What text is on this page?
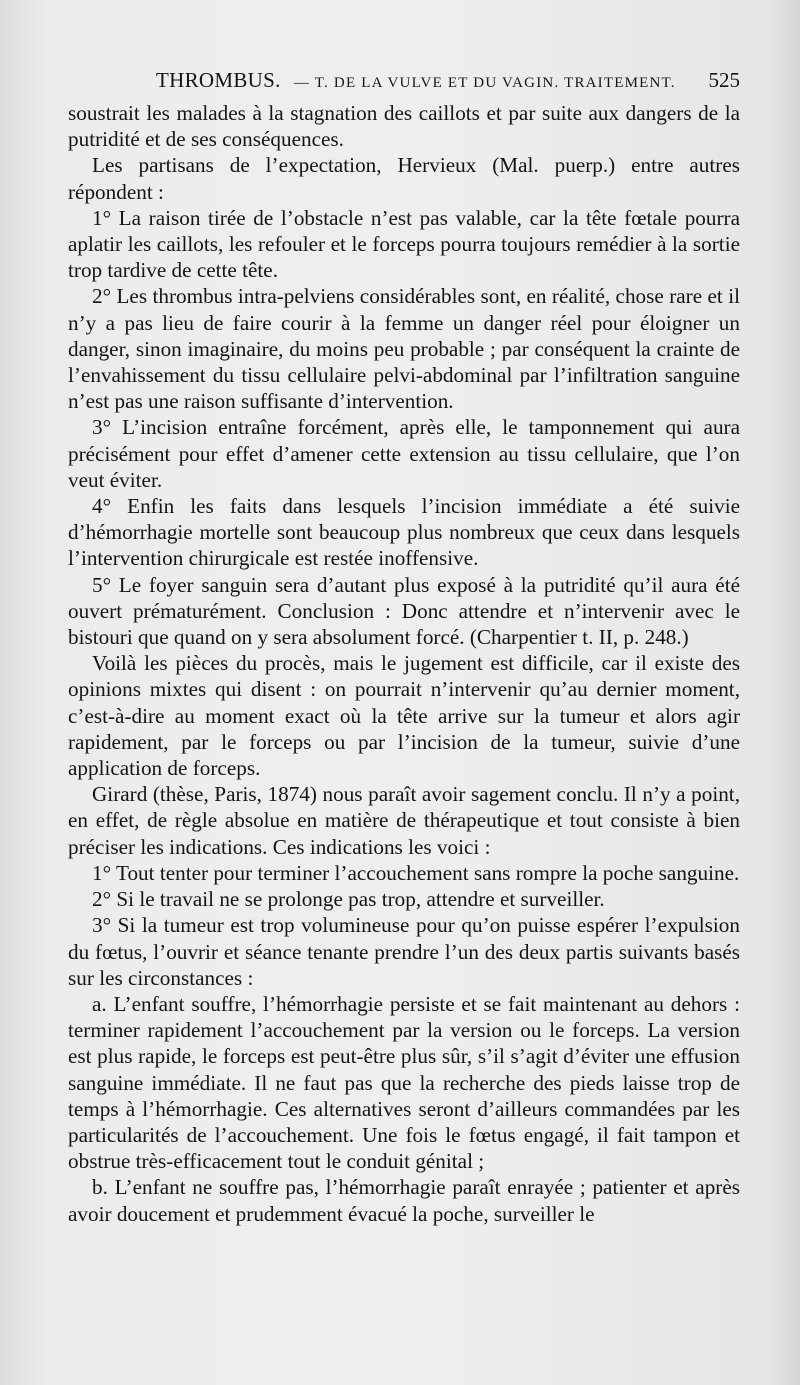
THROMBUS. — T. DE LA VULVE ET DU VAGIN. TRAITEMENT. 525

soustrait les malades à la stagnation des caillots et par suite aux dangers de la putridité et de ses conséquences.

Les partisans de l’expectation, Hervieux (Mal. puerp.) entre autres répondent :

1° La raison tirée de l’obstacle n’est pas valable, car la tête fœtale pourra aplatir les caillots, les refouler et le forceps pourra toujours remédier à la sortie trop tardive de cette tête.

2° Les thrombus intra-pelviens considérables sont, en réalité, chose rare et il n’y a pas lieu de faire courir à la femme un danger réel pour éloigner un danger, sinon imaginaire, du moins peu probable ; par conséquent la crainte de l’envahissement du tissu cellulaire pelvi-abdominal par l’infiltration sanguine n’est pas une raison suffisante d’intervention.

3° L’incision entraîne forcément, après elle, le tamponnement qui aura précisément pour effet d’amener cette extension au tissu cellulaire, que l’on veut éviter.

4° Enfin les faits dans lesquels l’incision immédiate a été suivie d’hémorrhagie mortelle sont beaucoup plus nombreux que ceux dans lesquels l’intervention chirurgicale est restée inoffensive.

5° Le foyer sanguin sera d’autant plus exposé à la putridité qu’il aura été ouvert prématurément. Conclusion : Donc attendre et n’intervenir avec le bistouri que quand on y sera absolument forcé. (Charpentier t. II, p. 248.)

Voilà les pièces du procès, mais le jugement est difficile, car il existe des opinions mixtes qui disent : on pourrait n’intervenir qu’au dernier moment, c’est-à-dire au moment exact où la tête arrive sur la tumeur et alors agir rapidement, par le forceps ou par l’incision de la tumeur, suivie d’une application de forceps.

Girard (thèse, Paris, 1874) nous paraît avoir sagement conclu. Il n’y a point, en effet, de règle absolue en matière de thérapeutique et tout consiste à bien préciser les indications. Ces indications les voici :

1° Tout tenter pour terminer l’accouchement sans rompre la poche sanguine.

2° Si le travail ne se prolonge pas trop, attendre et surveiller.

3° Si la tumeur est trop volumineuse pour qu’on puisse espérer l’expulsion du fœtus, l’ouvrir et séance tenante prendre l’un des deux partis suivants basés sur les circonstances :

a. L’enfant souffre, l’hémorrhagie persiste et se fait maintenant au dehors : terminer rapidement l’accouchement par la version ou le forceps. La version est plus rapide, le forceps est peut-être plus sûr, s’il s’agit d’éviter une effusion sanguine immédiate. Il ne faut pas que la recherche des pieds laisse trop de temps à l’hémorrhagie. Ces alternatives seront d’ailleurs commandées par les particularités de l’accouchement. Une fois le fœtus engagé, il fait tampon et obstrue très-efficacement tout le conduit génital ;

b. L’enfant ne souffre pas, l’hémorrhagie paraît enrayée ; patienter et après avoir doucement et prudemment évacué la poche, surveiller le
